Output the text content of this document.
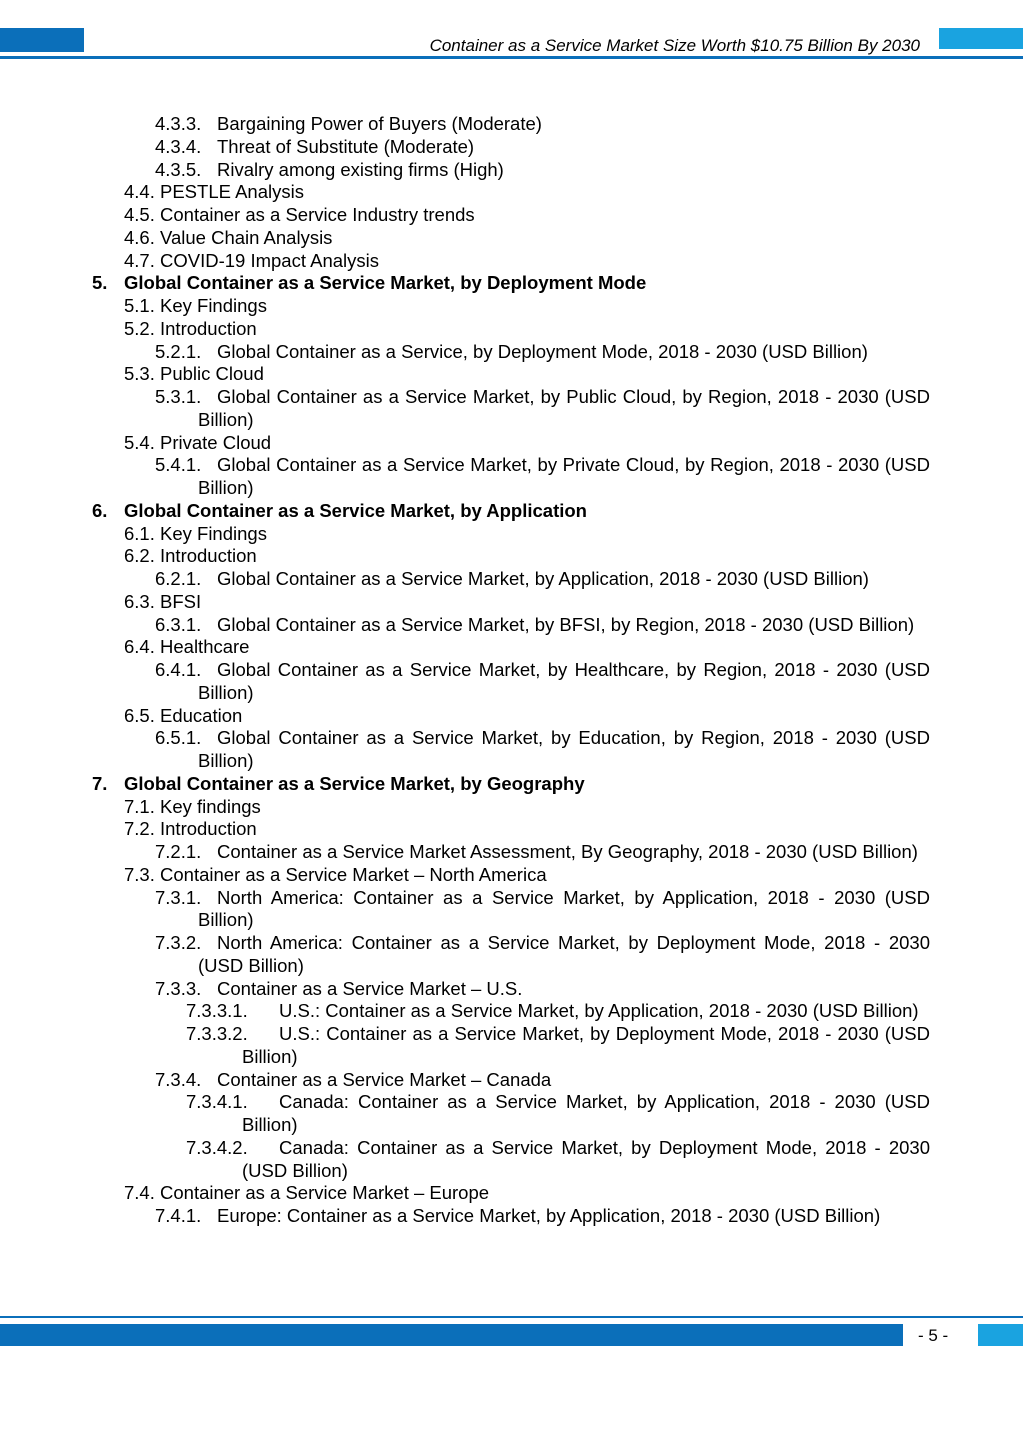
Container as a Service Market Size Worth $10.75 Billion By 2030
4.3.3. Bargaining Power of Buyers (Moderate)
4.3.4. Threat of Substitute (Moderate)
4.3.5. Rivalry among existing firms (High)
4.4. PESTLE Analysis
4.5. Container as a Service Industry trends
4.6. Value Chain Analysis
4.7. COVID-19 Impact Analysis
5. Global Container as a Service Market, by Deployment Mode
5.1. Key Findings
5.2. Introduction
5.2.1. Global Container as a Service, by Deployment Mode, 2018 - 2030 (USD Billion)
5.3. Public Cloud
5.3.1. Global Container as a Service Market, by Public Cloud, by Region, 2018 - 2030 (USD Billion)
5.4. Private Cloud
5.4.1. Global Container as a Service Market, by Private Cloud, by Region, 2018 - 2030 (USD Billion)
6. Global Container as a Service Market, by Application
6.1. Key Findings
6.2. Introduction
6.2.1. Global Container as a Service Market, by Application, 2018 - 2030 (USD Billion)
6.3. BFSI
6.3.1. Global Container as a Service Market, by BFSI, by Region, 2018 - 2030 (USD Billion)
6.4. Healthcare
6.4.1. Global Container as a Service Market, by Healthcare, by Region, 2018 - 2030 (USD Billion)
6.5. Education
6.5.1. Global Container as a Service Market, by Education, by Region, 2018 - 2030 (USD Billion)
7. Global Container as a Service Market, by Geography
7.1. Key findings
7.2. Introduction
7.2.1. Container as a Service Market Assessment, By Geography, 2018 - 2030 (USD Billion)
7.3. Container as a Service Market – North America
7.3.1. North America: Container as a Service Market, by Application, 2018 - 2030 (USD Billion)
7.3.2. North America: Container as a Service Market, by Deployment Mode, 2018 - 2030 (USD Billion)
7.3.3. Container as a Service Market – U.S.
7.3.3.1.	U.S.: Container as a Service Market, by Application, 2018 - 2030 (USD Billion)
7.3.3.2.	U.S.: Container as a Service Market, by Deployment Mode, 2018 - 2030 (USD Billion)
7.3.4. Container as a Service Market – Canada
7.3.4.1.	Canada: Container as a Service Market, by Application, 2018 - 2030 (USD Billion)
7.3.4.2.	Canada: Container as a Service Market, by Deployment Mode, 2018 - 2030 (USD Billion)
7.4. Container as a Service Market – Europe
7.4.1. Europe: Container as a Service Market, by Application, 2018 - 2030 (USD Billion)
- 5 -
